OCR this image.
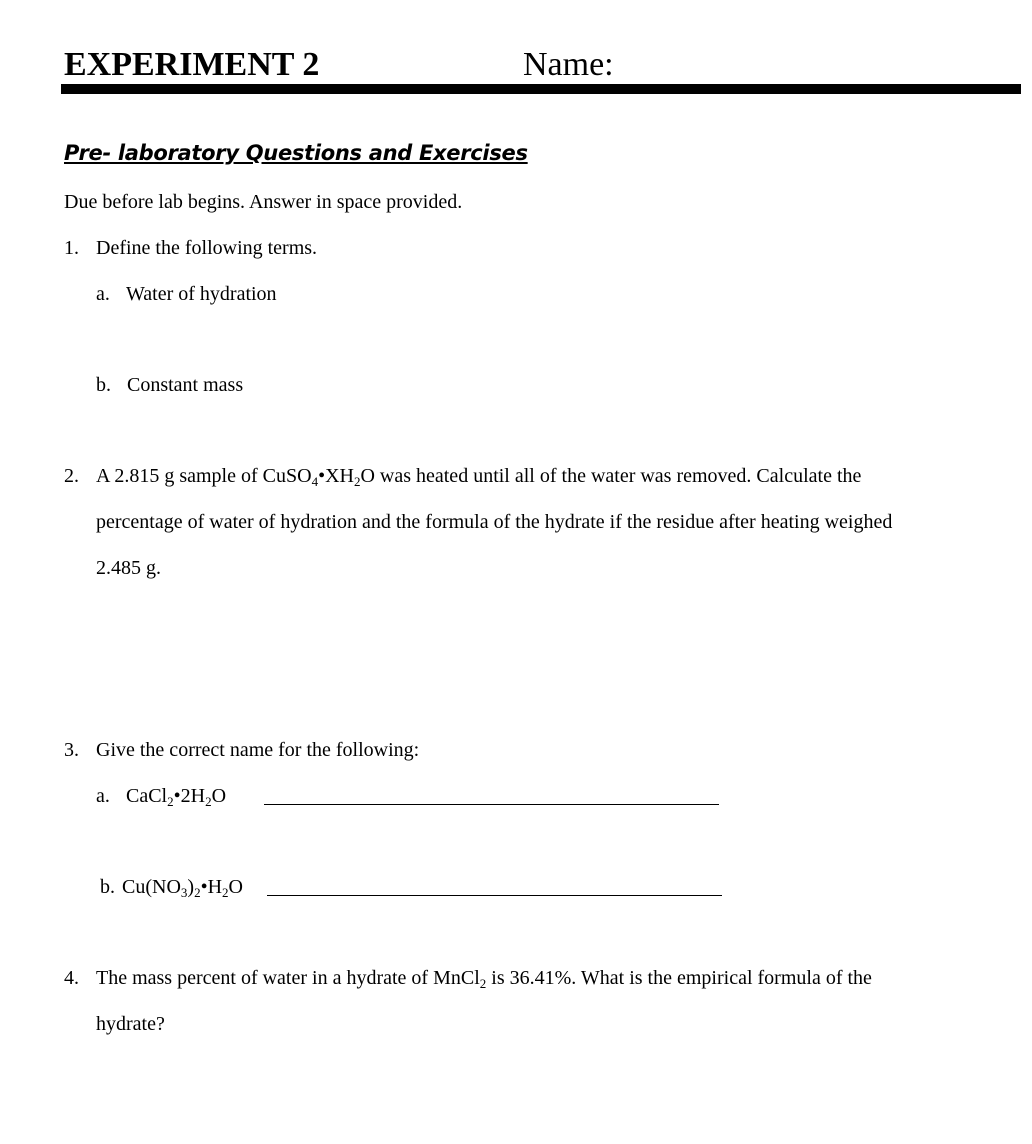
EXPERIMENT 2	Name:
Pre- laboratory Questions and Exercises
Due before lab begins. Answer in space provided.
1. Define the following terms.
a. Water of hydration
b. Constant mass
2. A 2.815 g sample of $CuSO_4•XH_2O$ was heated until all of the water was removed. Calculate the
percentage of water of hydration and the formula of the hydrate if the residue after heating weighed
2.485 g.
3. Give the correct name for the following:
a. $CaCl_2•2H_2O$
b. $Cu(NO_3)_2•H_2O$
4. The mass percent of water in a hydrate of MnCl$_2$ is 36.41%. What is the empirical formula of the
hydrate?
